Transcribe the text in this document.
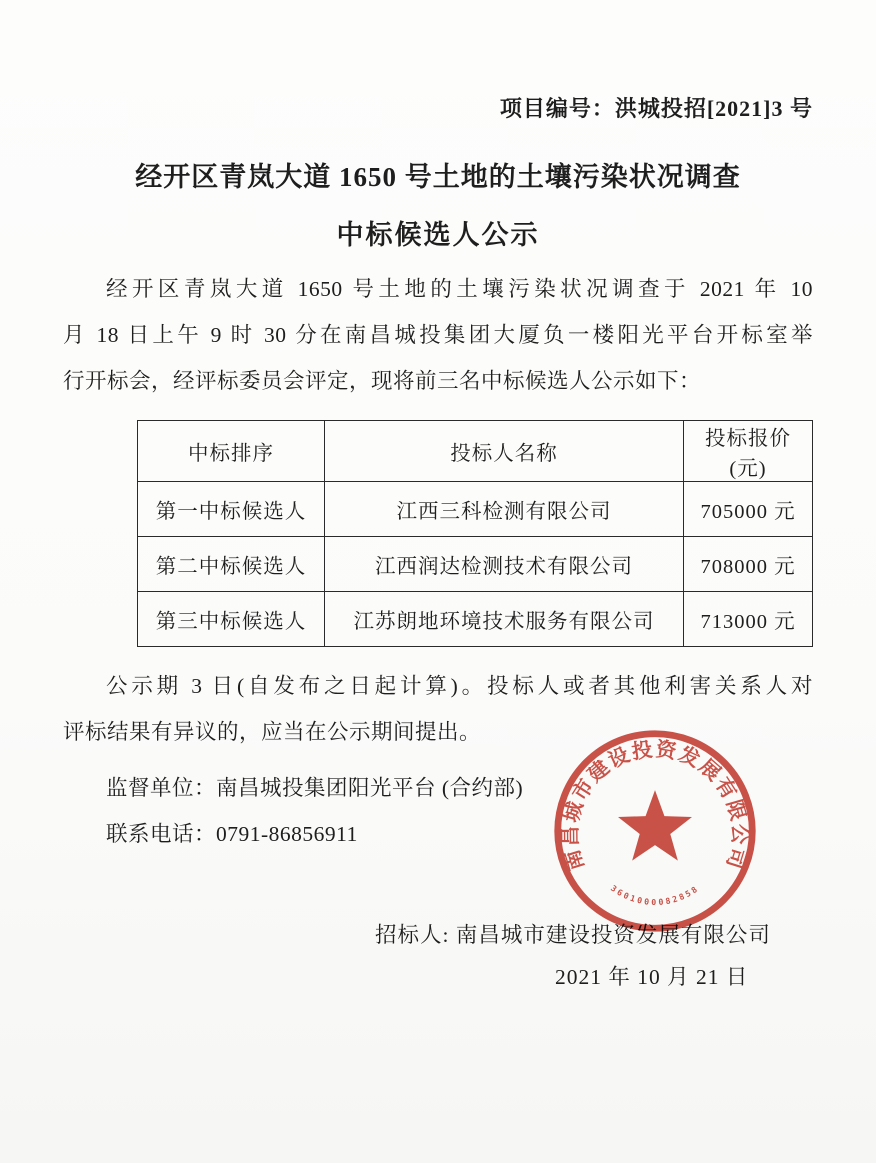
项目编号：洪城投招[2021]3 号
经开区青岚大道 1650 号土地的土壤污染状况调查
中标候选人公示
经开区青岚大道 1650 号土地的土壤污染状况调查于 2021 年 10
月 18 日上午 9 时 30 分在南昌城投集团大厦负一楼阳光平台开标室举
行开标会，经评标委员会评定，现将前三名中标候选人公示如下：
中标排序	投标人名称	投标报价(元)
第一中标候选人	江西三科检测有限公司	705000 元
第二中标候选人	江西润达检测技术有限公司	708000 元
第三中标候选人	江苏朗地环境技术服务有限公司	713000 元
公示期 3 日(自发布之日起计算)。投标人或者其他利害关系人对
评标结果有异议的，应当在公示期间提出。
监督单位：南昌城投集团阳光平台 (合约部)
联系电话：0791-86856911
招标人: 南昌城市建设投资发展有限公司
2021 年 10 月 21 日
南昌城市建设投资发展有限公司
3601000082858
